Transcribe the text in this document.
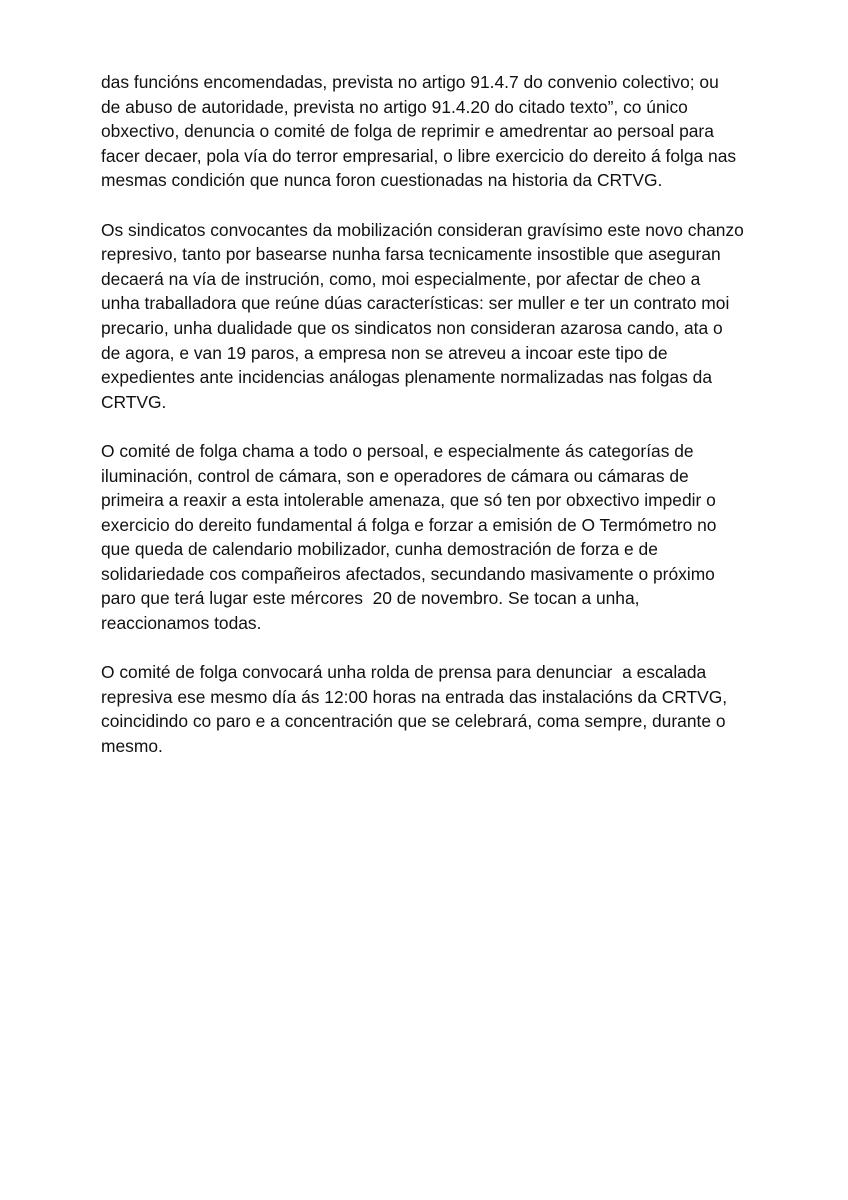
das funcións encomendadas, prevista no artigo 91.4.7 do convenio colectivo; ou
de abuso de autoridade, prevista no artigo 91.4.20 do citado texto”, co único
obxectivo, denuncia o comité de folga de reprimir e amedrentar ao persoal para
facer decaer, pola vía do terror empresarial, o libre exercicio do dereito á folga nas
mesmas condición que nunca foron cuestionadas na historia da CRTVG.
Os sindicatos convocantes da mobilización consideran gravísimo este novo chanzo
represivo, tanto por basearse nunha farsa tecnicamente insostible que aseguran
decaerá na vía de instrución, como, moi especialmente, por afectar de cheo a
unha traballadora que reúne dúas características: ser muller e ter un contrato moi
precario, unha dualidade que os sindicatos non consideran azarosa cando, ata o
de agora, e van 19 paros, a empresa non se atreveu a incoar este tipo de
expedientes ante incidencias análogas plenamente normalizadas nas folgas da
CRTVG.
O comité de folga chama a todo o persoal, e especialmente ás categorías de
iluminación, control de cámara, son e operadores de cámara ou cámaras de
primeira a reaxir a esta intolerable amenaza, que só ten por obxectivo impedir o
exercicio do dereito fundamental á folga e forzar a emisión de O Termómetro no
que queda de calendario mobilizador, cunha demostración de forza e de
solidariedade cos compañeiros afectados, secundando masivamente o próximo
paro que terá lugar este mércores  20 de novembro. Se tocan a unha,
reaccionamos todas.
O comité de folga convocará unha rolda de prensa para denunciar  a escalada
represiva ese mesmo día ás 12:00 horas na entrada das instalacións da CRTVG,
coincidindo co paro e a concentración que se celebrará, coma sempre, durante o
mesmo.
